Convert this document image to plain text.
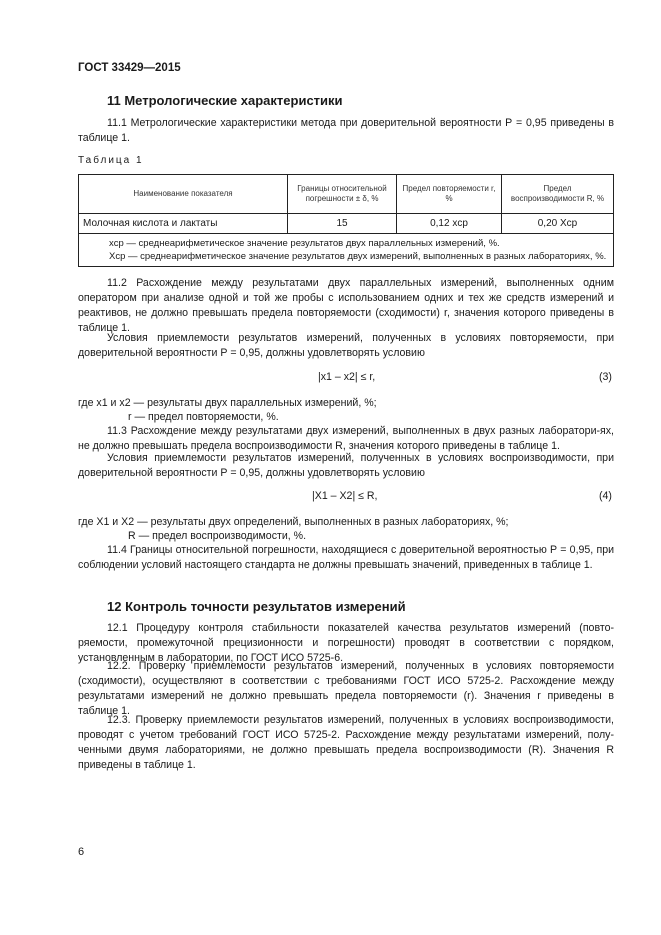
ГОСТ 33429—2015
11 Метрологические характеристики
11.1 Метрологические характеристики метода при доверительной вероятности Р = 0,95 приведены в таблице 1.
Таблица 1
Наименование показателя	Границы относительной погрешности ± δ, %	Предел повторяемости r, %	Предел воспроизводимости R, %
Молочная кислота и лактаты	15	0,12 xср	0,20 Xср

xср — среднеарифметическое значение результатов двух параллельных измерений, %.
Xср — среднеарифметическое значение результатов двух измерений, выполненных в разных лабораториях, %.			
11.2 Расхождение между результатами двух параллельных измерений, выполненных одним оператором при анализе одной и той же пробы с использованием одних и тех же средств измерений и реактивов, не должно превышать предела повторяемости (сходимости) r, значения которого приведены в таблице 1.
Условия приемлемости результатов измерений, полученных в условиях повторяемости, при доверительной вероятности Р = 0,95, должны удовлетворять условию
|x1 – x2| ≤ r,	(3)
где x1 и x2 — результаты двух параллельных измерений, %;
r — предел повторяемости, %.
11.3 Расхождение между результатами двух измерений, выполненных в двух разных лаборатори-ях, не должно превышать предела воспроизводимости R, значения которого приведены в таблице 1.
Условия приемлемости результатов измерений, полученных в условиях воспроизводимости, при доверительной вероятности Р = 0,95, должны удовлетворять условию
|X1 – X2| ≤ R,	(4)
где X1 и X2 — результаты двух определений, выполненных в разных лабораториях, %;
R — предел воспроизводимости, %.
11.4 Границы относительной погрешности, находящиеся с доверительной вероятностью Р = 0,95, при соблюдении условий настоящего стандарта не должны превышать значений, приведенных в таблице 1.
12 Контроль точности результатов измерений
12.1 Процедуру контроля стабильности показателей качества результатов измерений (повто-ряемости, промежуточной прецизионности и погрешности) проводят в соответствии с порядком, установленным в лаборатории, по ГОСТ ИСО 5725-6.
12.2. Проверку приемлемости результатов измерений, полученных в условиях повторяемости (сходимости), осуществляют в соответствии с требованиями ГОСТ ИСО 5725-2. Расхождение между результатами измерений не должно превышать предела повторяемости (r). Значения r приведены в таблице 1.
12.3. Проверку приемлемости результатов измерений, полученных в условиях воспроизводимости, проводят с учетом требований ГОСТ ИСО 5725-2. Расхождение между результатами измерений, полу-ченными двумя лабораториями, не должно превышать предела воспроизводимости (R). Значения R приведены в таблице 1.
6
